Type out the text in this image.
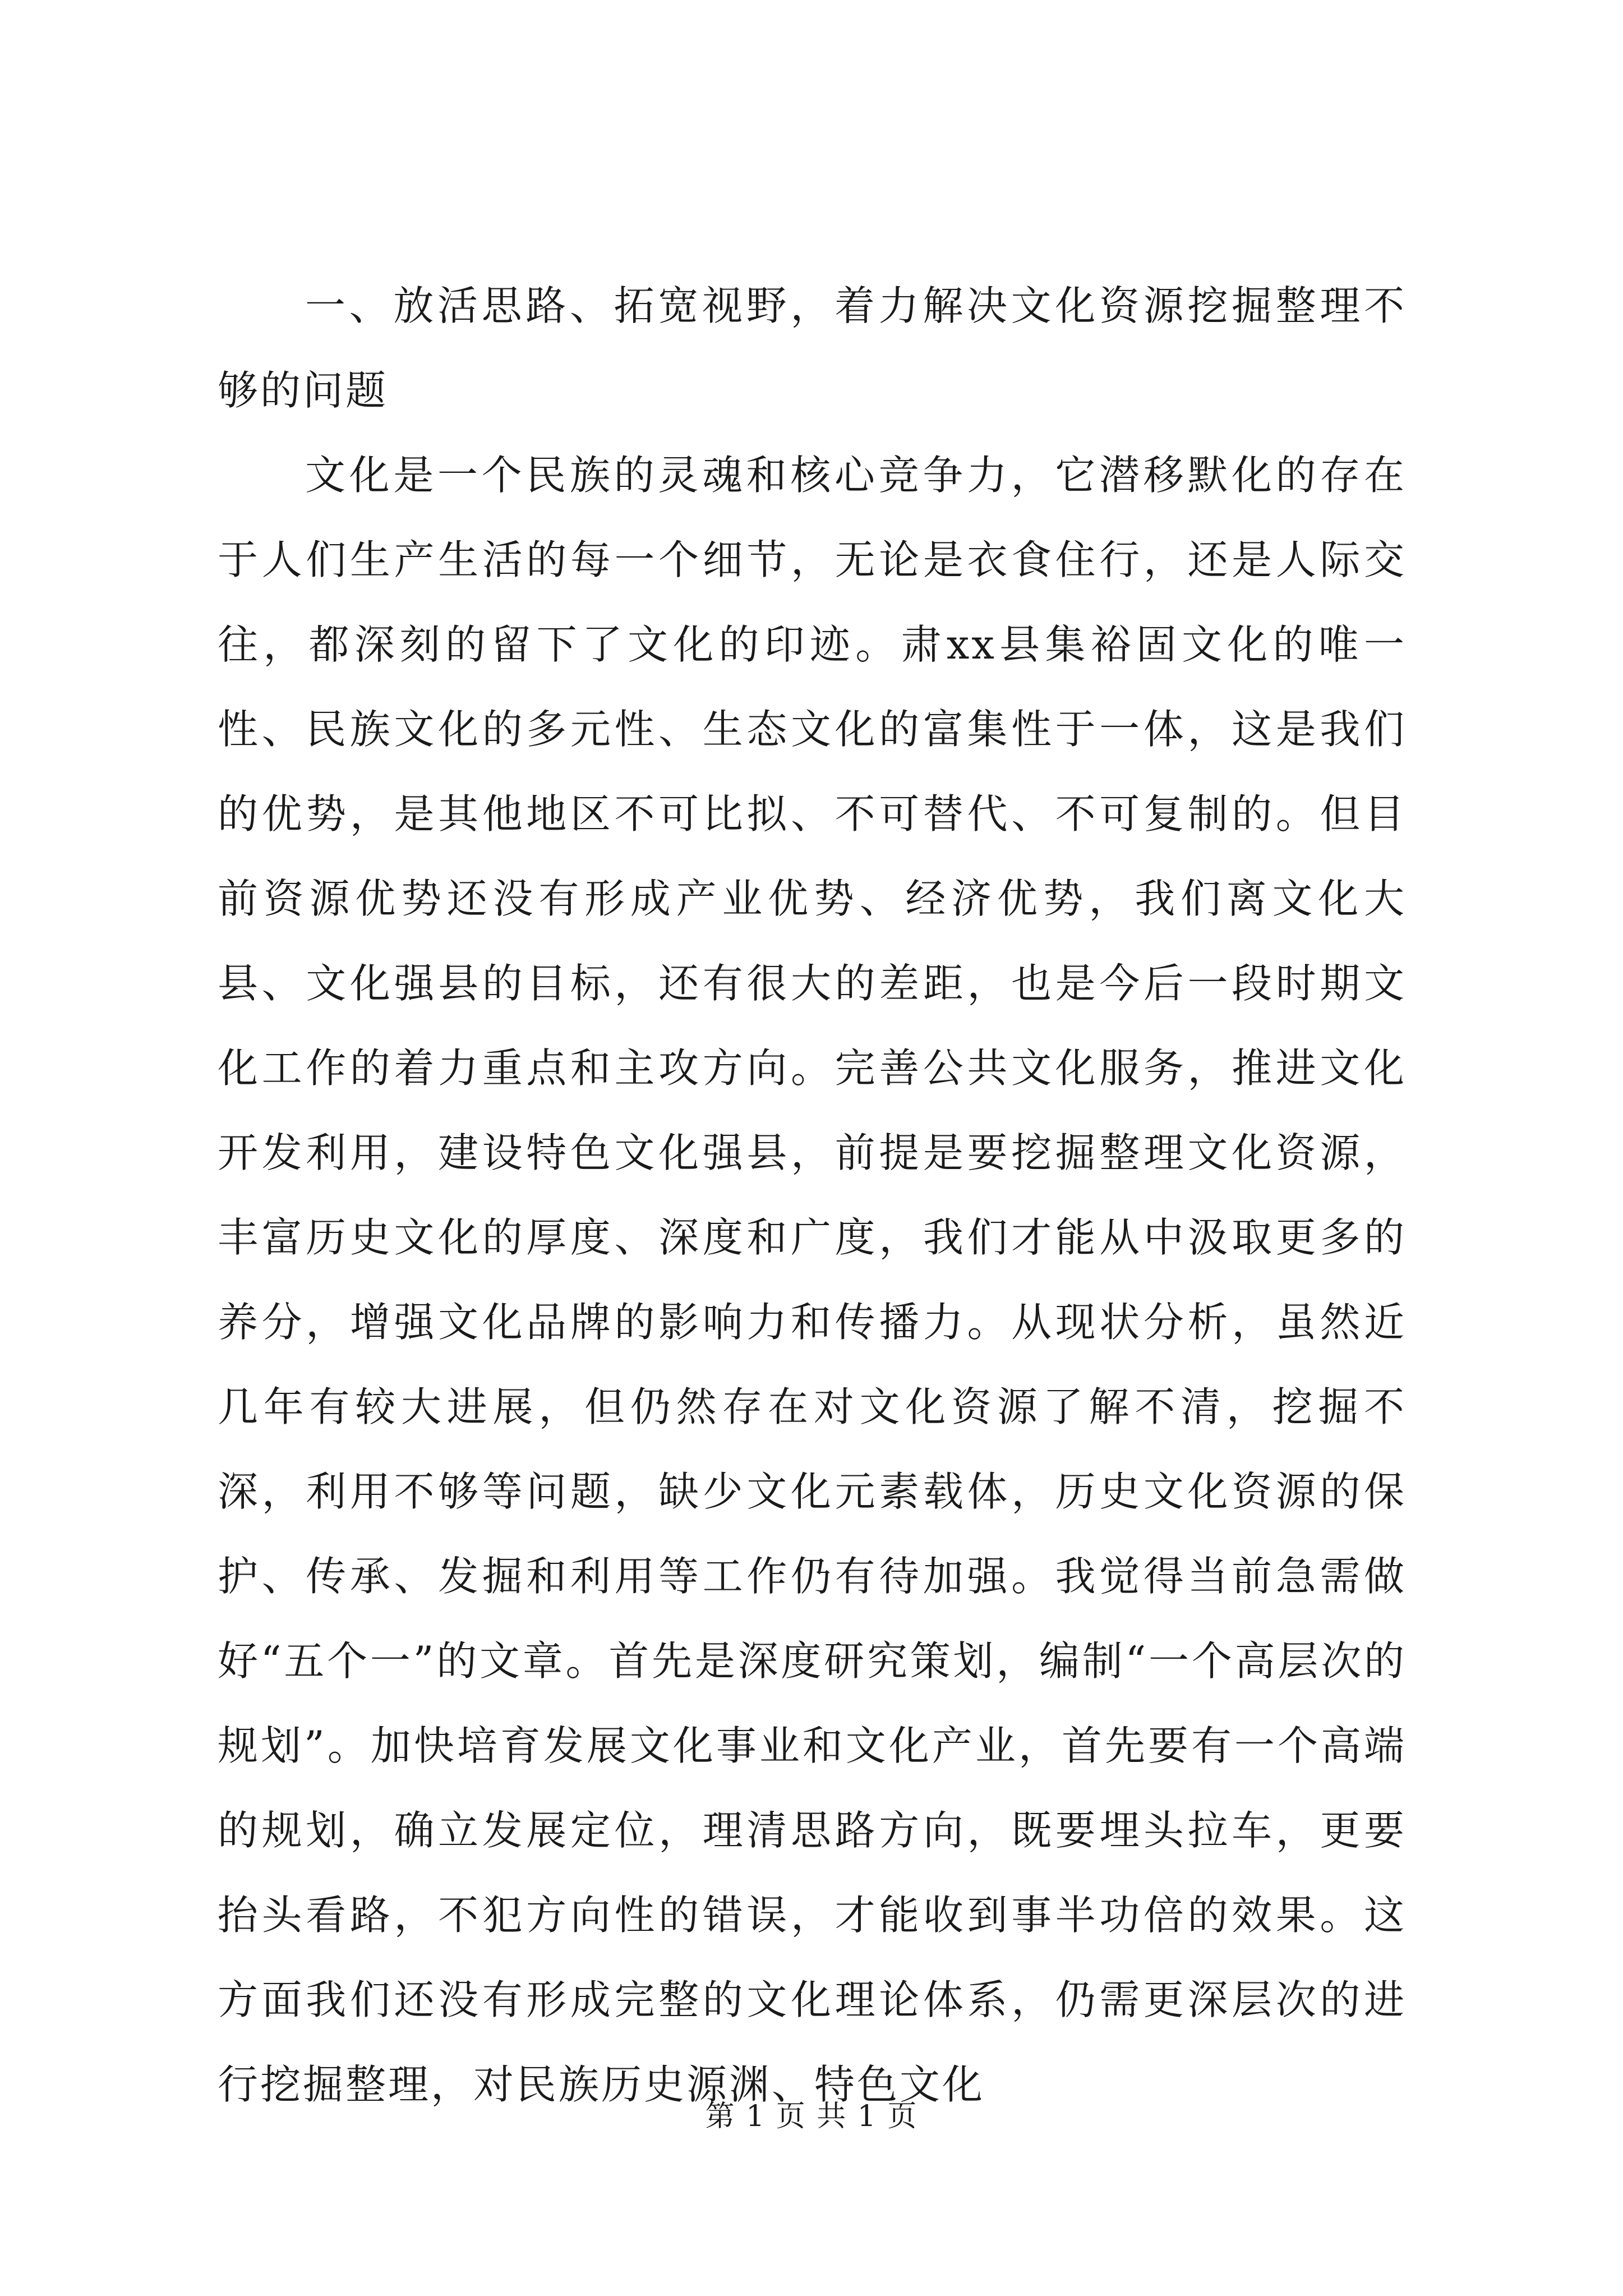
一、放活思路、拓宽视野，着力解决文化资源挖掘整理不够的问题

文化是一个民族的灵魂和核心竞争力，它潜移默化的存在于人们生产生活的每一个细节，无论是衣食住行，还是人际交往，都深刻的留下了文化的印迹。肃xx县集裕固文化的唯一性、民族文化的多元性、生态文化的富集性于一体，这是我们的优势，是其他地区不可比拟、不可替代、不可复制的。但目前资源优势还没有形成产业优势、经济优势，我们离文化大县、文化强县的目标，还有很大的差距，也是今后一段时期文化工作的着力重点和主攻方向。完善公共文化服务，推进文化开发利用，建设特色文化强县，前提是要挖掘整理文化资源，丰富历史文化的厚度、深度和广度，我们才能从中汲取更多的养分，增强文化品牌的影响力和传播力。从现状分析，虽然近几年有较大进展，但仍然存在对文化资源了解不清，挖掘不深，利用不够等问题，缺少文化元素载体，历史文化资源的保护、传承、发掘和利用等工作仍有待加强。我觉得当前急需做好“五个一”的文章。首先是深度研究策划，编制“一个高层次的规划”。加快培育发展文化事业和文化产业，首先要有一个高端的规划，确立发展定位，理清思路方向，既要埋头拉车，更要抬头看路，不犯方向性的错误，才能收到事半功倍的效果。这方面我们还没有形成完整的文化理论体系，仍需更深层次的进行挖掘整理，对民族历史源渊、特色文化

第 1 页 共 1 页
